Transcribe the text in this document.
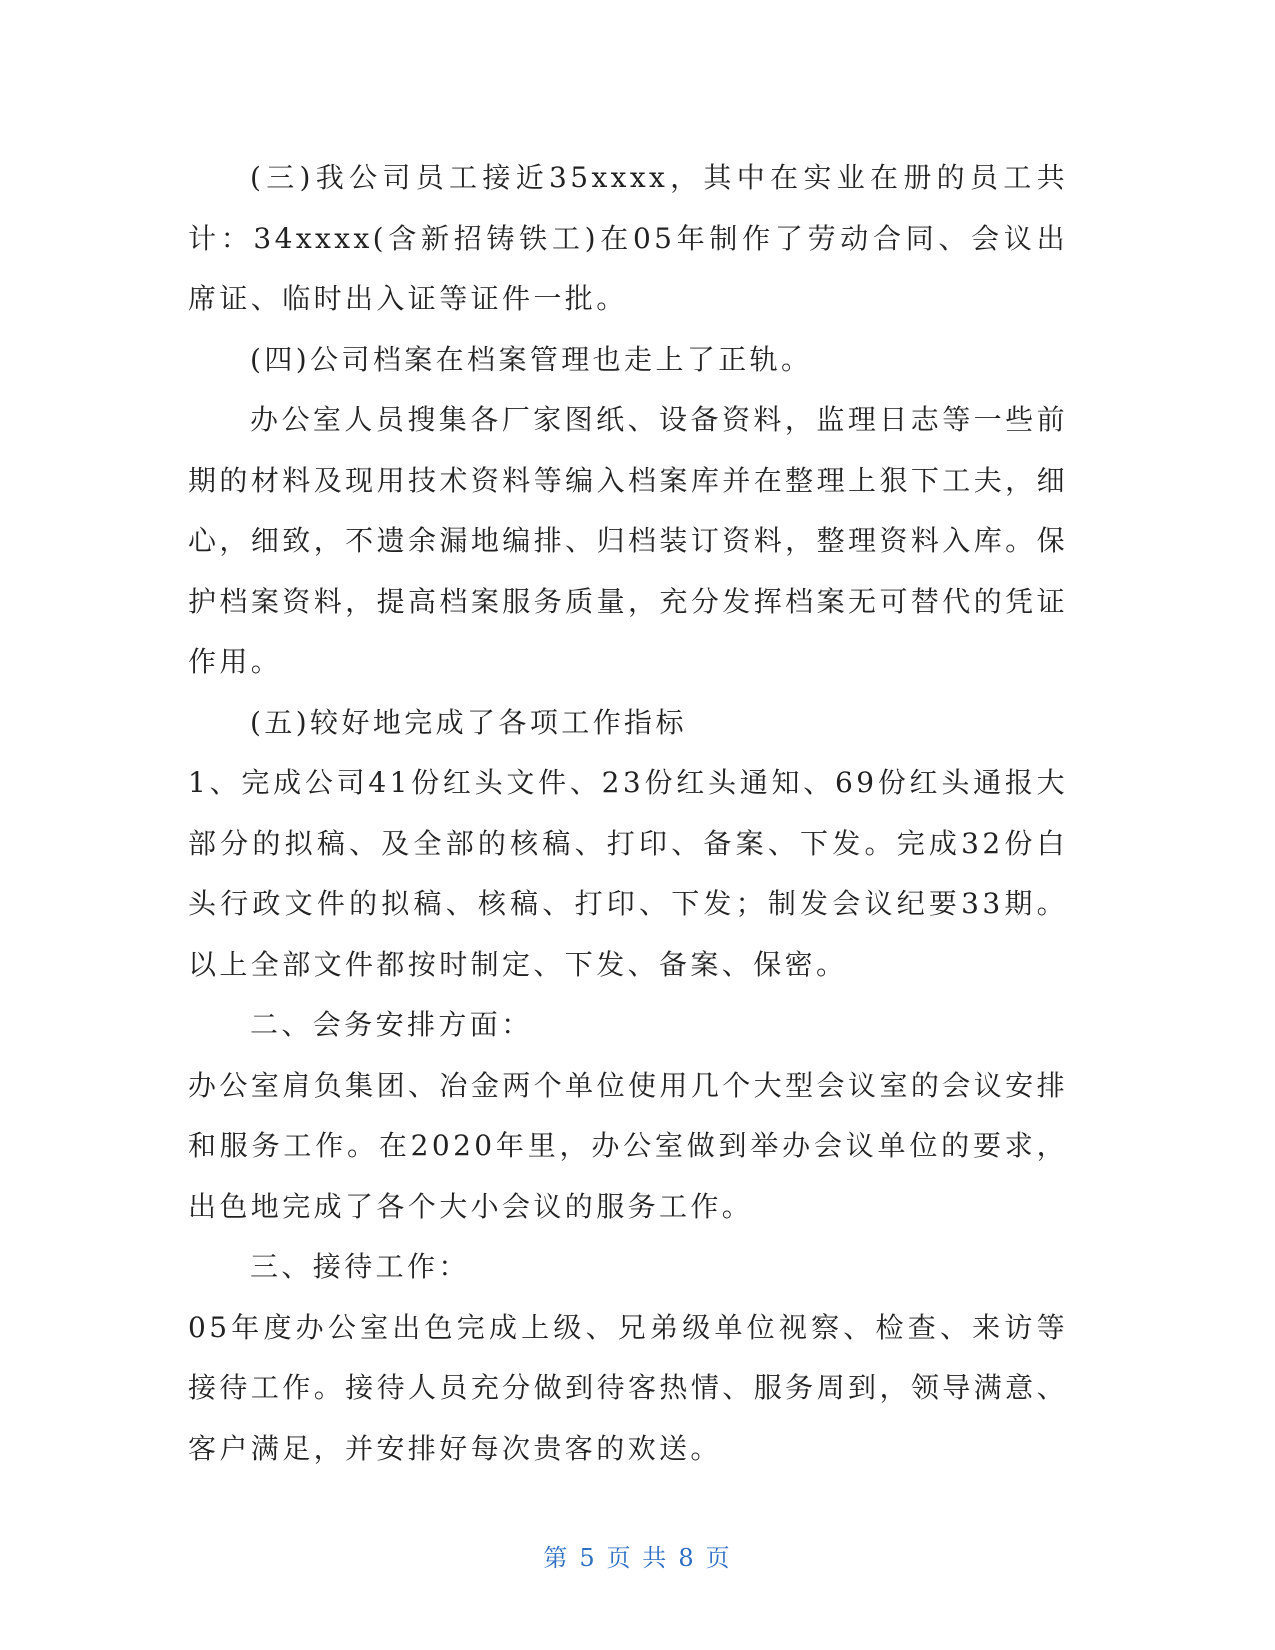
(三)我公司员工接近35xxxx，其中在实业在册的员工共计：34xxxx(含新招铸铁工)在05年制作了劳动合同、会议出席证、临时出入证等证件一批。

(四)公司档案在档案管理也走上了正轨。

办公室人员搜集各厂家图纸、设备资料，监理日志等一些前期的材料及现用技术资料等编入档案库并在整理上狠下工夫，细心，细致，不遗余漏地编排、归档装订资料，整理资料入库。保护档案资料，提高档案服务质量，充分发挥档案无可替代的凭证作用。

(五)较好地完成了各项工作指标

1、完成公司41份红头文件、23份红头通知、69份红头通报大部分的拟稿、及全部的核稿、打印、备案、下发。完成32份白头行政文件的拟稿、核稿、打印、下发；制发会议纪要33期。以上全部文件都按时制定、下发、备案、保密。

二、会务安排方面：

办公室肩负集团、冶金两个单位使用几个大型会议室的会议安排和服务工作。在2020年里，办公室做到举办会议单位的要求，出色地完成了各个大小会议的服务工作。

三、接待工作：

05年度办公室出色完成上级、兄弟级单位视察、检查、来访等接待工作。接待人员充分做到待客热情、服务周到，领导满意、客户满足，并安排好每次贵客的欢送。

第 5 页 共 8 页
